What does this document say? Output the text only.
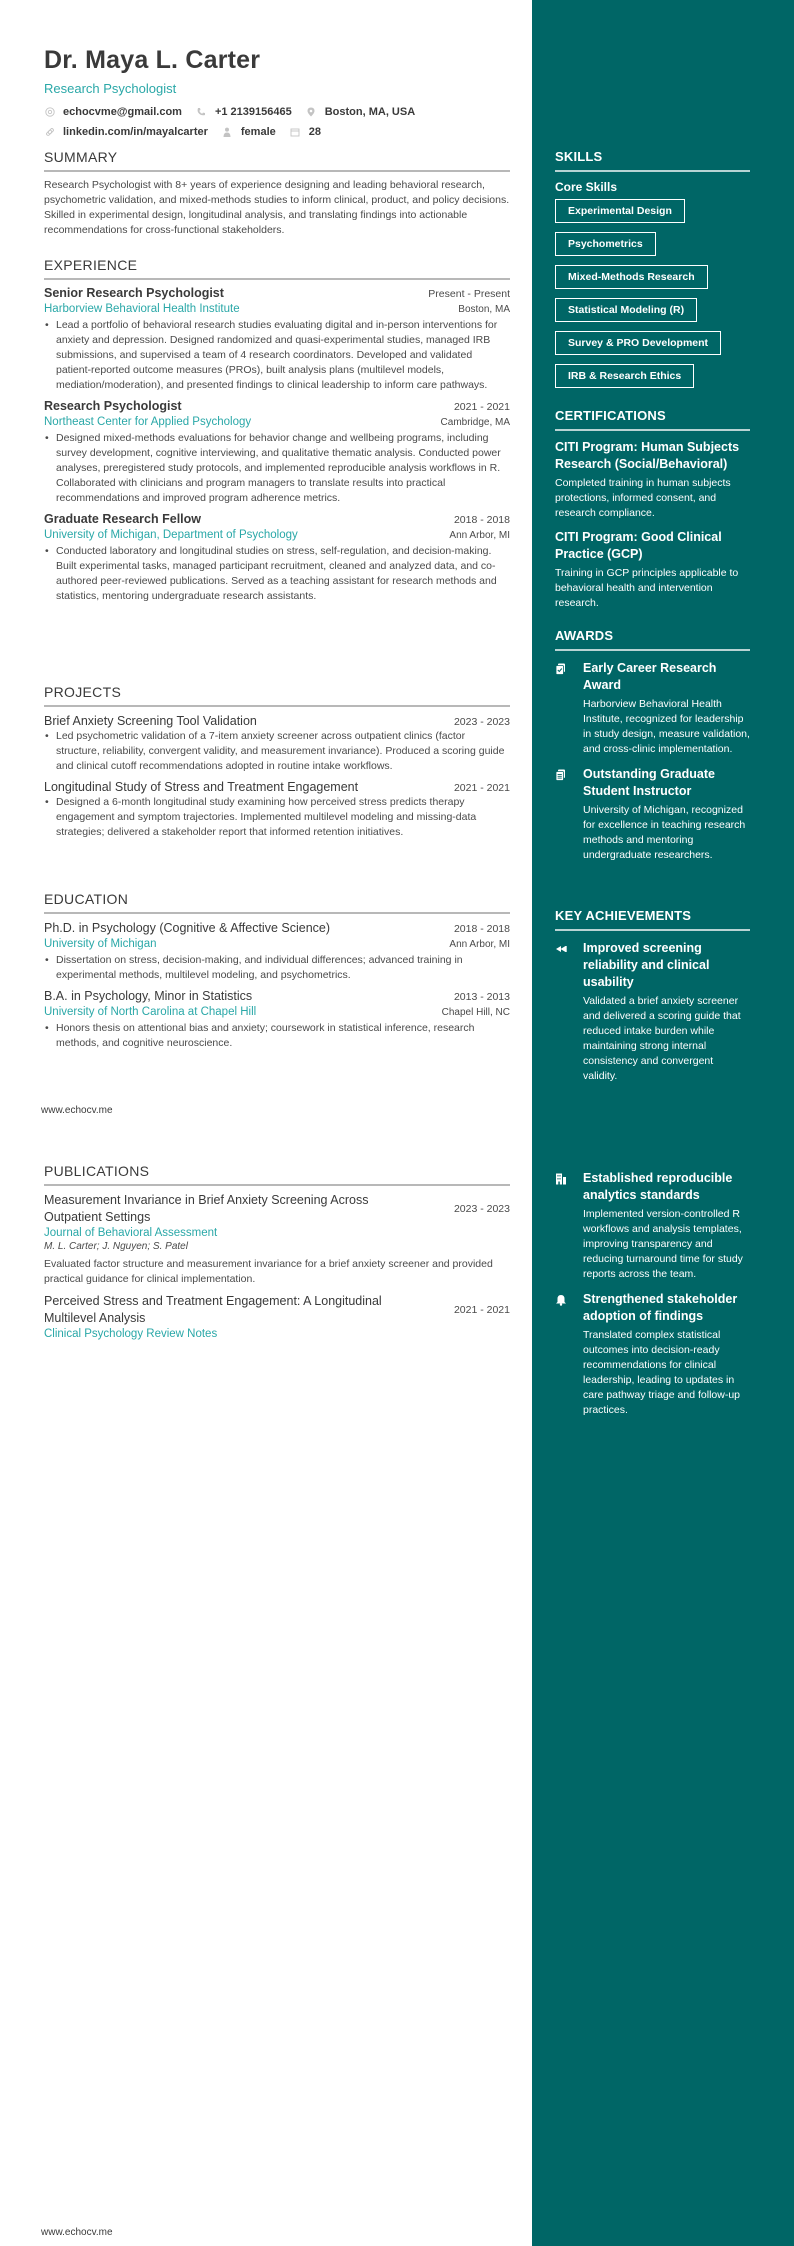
Dr. Maya L. Carter
Research Psychologist
echocvme@gmail.com	+1 2139156465	Boston, MA, USA
linkedin.com/in/mayalcarter	female	28
SUMMARY
Research Psychologist with 8+ years of experience designing and leading behavioral research, psychometric validation, and mixed-methods studies to inform clinical, product, and policy decisions. Skilled in experimental design, longitudinal analysis, and translating findings into actionable recommendations for cross-functional stakeholders.
EXPERIENCE
Senior Research Psychologist	Present - Present
Harborview Behavioral Health Institute	Boston, MA
• Lead a portfolio of behavioral research studies evaluating digital and in-person interventions for anxiety and depression. Designed randomized and quasi-experimental studies, managed IRB submissions, and supervised a team of 4 research coordinators. Developed and validated patient-reported outcome measures (PROs), built analysis plans (multilevel models, mediation/moderation), and presented findings to clinical leadership to inform care pathways.
Research Psychologist	2021 - 2021
Northeast Center for Applied Psychology	Cambridge, MA
• Designed mixed-methods evaluations for behavior change and wellbeing programs, including survey development, cognitive interviewing, and qualitative thematic analysis. Conducted power analyses, preregistered study protocols, and implemented reproducible analysis workflows in R. Collaborated with clinicians and program managers to translate results into practical recommendations and improved program adherence metrics.
Graduate Research Fellow	2018 - 2018
University of Michigan, Department of Psychology	Ann Arbor, MI
• Conducted laboratory and longitudinal studies on stress, self-regulation, and decision-making. Built experimental tasks, managed participant recruitment, cleaned and analyzed data, and co-authored peer-reviewed publications. Served as a teaching assistant for research methods and statistics, mentoring undergraduate research assistants.
PROJECTS
Brief Anxiety Screening Tool Validation	2023 - 2023
• Led psychometric validation of a 7-item anxiety screener across outpatient clinics (factor structure, reliability, convergent validity, and measurement invariance). Produced a scoring guide and clinical cutoff recommendations adopted in routine intake workflows.
Longitudinal Study of Stress and Treatment Engagement	2021 - 2021
• Designed a 6-month longitudinal study examining how perceived stress predicts therapy engagement and symptom trajectories. Implemented multilevel modeling and missing-data strategies; delivered a stakeholder report that informed retention initiatives.
EDUCATION
Ph.D. in Psychology (Cognitive & Affective Science)	2018 - 2018
University of Michigan	Ann Arbor, MI
• Dissertation on stress, decision-making, and individual differences; advanced training in experimental methods, multilevel modeling, and psychometrics.
B.A. in Psychology, Minor in Statistics	2013 - 2013
University of North Carolina at Chapel Hill	Chapel Hill, NC
• Honors thesis on attentional bias and anxiety; coursework in statistical inference, research methods, and cognitive neuroscience.
www.echocv.me
PUBLICATIONS
Measurement Invariance in Brief Anxiety Screening Across Outpatient Settings
2023 - 2023
Journal of Behavioral Assessment
M. L. Carter; J. Nguyen; S. Patel
Evaluated factor structure and measurement invariance for a brief anxiety screener and provided practical guidance for clinical implementation.
Perceived Stress and Treatment Engagement: A Longitudinal Multilevel Analysis
2021 - 2021
Clinical Psychology Review Notes
www.echocv.me
SKILLS
Core Skills
Experimental Design
Psychometrics
Mixed-Methods Research
Statistical Modeling (R)
Survey & PRO Development
IRB & Research Ethics
CERTIFICATIONS
CITI Program: Human Subjects Research (Social/Behavioral)
Completed training in human subjects protections, informed consent, and research compliance.
CITI Program: Good Clinical Practice (GCP)
Training in GCP principles applicable to behavioral health and intervention research.
AWARDS
Early Career Research Award
Harborview Behavioral Health Institute, recognized for leadership in study design, measure validation, and cross-clinic implementation.
Outstanding Graduate Student Instructor
University of Michigan, recognized for excellence in teaching research methods and mentoring undergraduate researchers.
KEY ACHIEVEMENTS
Improved screening reliability and clinical usability
Validated a brief anxiety screener and delivered a scoring guide that reduced intake burden while maintaining strong internal consistency and convergent validity.
Established reproducible analytics standards
Implemented version-controlled R workflows and analysis templates, improving transparency and reducing turnaround time for study reports across the team.
Strengthened stakeholder adoption of findings
Translated complex statistical outcomes into decision-ready recommendations for clinical leadership, leading to updates in care pathway triage and follow-up practices.
